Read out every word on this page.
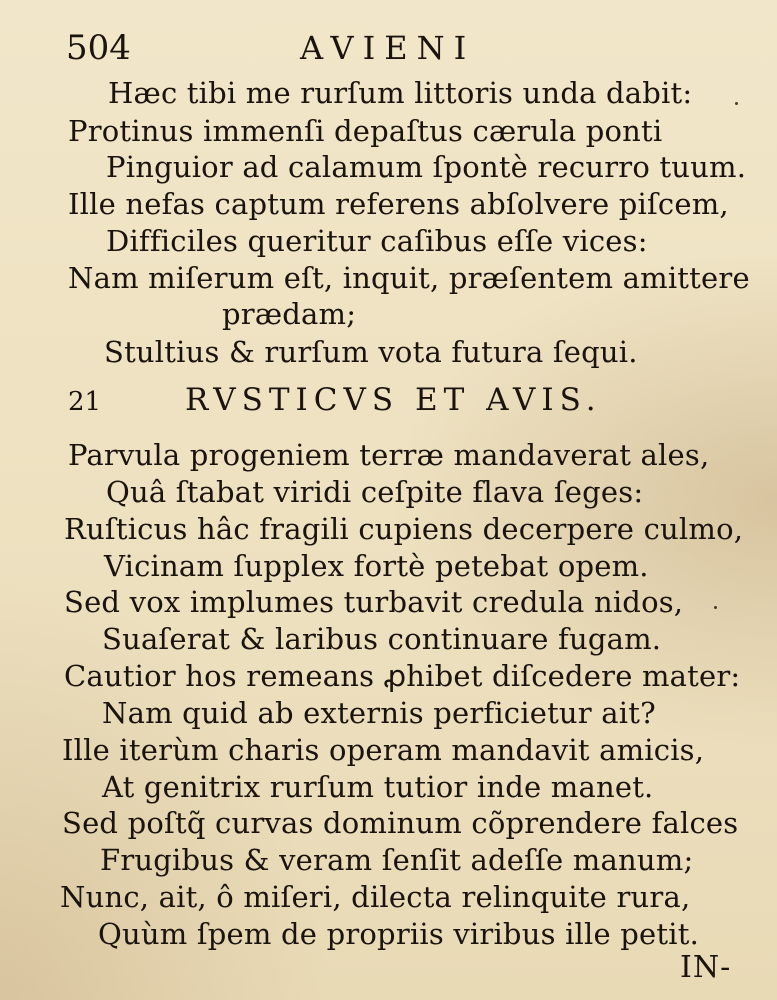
504	AVIENI
Hæc tibi me rurſum littoris unda dabit:
Protinus immenſi depaſtus cærula ponti
Pinguior ad calamum ſpontè recurro tuum.
Ille nefas captum referens abſolvere piſcem,
Difficiles queritur caſibus eſſe vices:
Nam miſerum eſt, inquit, præſentem amittere
prædam;
Stultius & rurſum vota futura ſequi.
21	RVSTICVS ET AVIS.
Parvula progeniem terræ mandaverat ales,
Quâ ſtabat viridi ceſpite flava ſeges:
Ruſticus hâc fragili cupiens decerpere culmo,
Vicinam ſupplex fortè petebat opem.
Sed vox implumes turbavit credula nidos,
Suaſerat & laribus continuare fugam.
Cautior hos remeans ꝓhibet diſcedere mater:
Nam quid ab externis perficietur ait?
Ille iterùm charis operam mandavit amicis,
At genitrix rurſum tutior inde manet.
Sed poſtq̃ curvas dominum cõprendere falces
Frugibus & veram ſenſit adeſſe manum;
Nunc, ait, ô miſeri, dilecta relinquite rura,
Quùm ſpem de propriis viribus ille petit.
IN-
